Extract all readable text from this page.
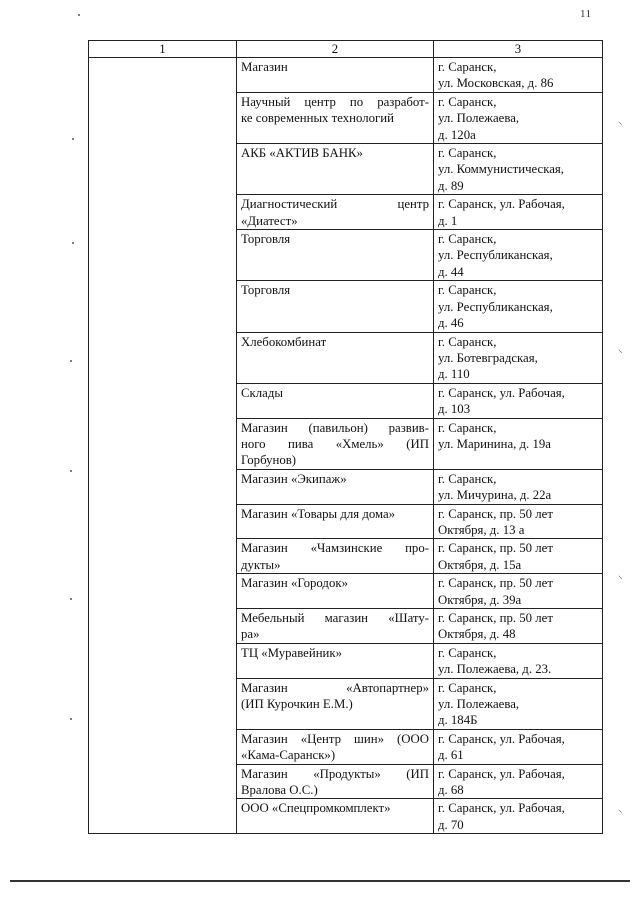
11
1	2	3

	Магазин	г. Саранск,
ул. Московская, д. 86

	Научный центр по разработ-
ке современных технологий	г. Саранск,
ул. Полежаева,
д. 120а

	АКБ «АКТИВ БАНК»	г. Саранск,
ул. Коммунистическая,
д. 89

	Диагностический центр
«Диатест»	г. Саранск, ул. Рабочая,
д. 1

	Торговля	г. Саранск,
ул. Республиканская,
д. 44

	Торговля	г. Саранск,
ул. Республиканская,
д. 46

	Хлебокомбинат	г. Саранск,
ул. Ботевградская,
д. 110

	Склады	г. Саранск, ул. Рабочая,
д. 103

	Магазин (павильон) развив-
ного пива «Хмель» (ИП
Горбунов)	г. Саранск,
ул. Маринина, д. 19а

	Магазин «Экипаж»	г. Саранск,
ул. Мичурина, д. 22а

	Магазин «Товары для дома»	г. Саранск, пр. 50 лет
Октября, д. 13 а

	Магазин «Чамзинские про-
дукты»	г. Саранск, пр. 50 лет
Октября, д. 15а

	Магазин «Городок»	г. Саранск, пр. 50 лет
Октября, д. 39а

	Мебельный магазин «Шату-
ра»	г. Саранск, пр. 50 лет
Октября, д. 48

	ТЦ «Муравейник»	г. Саранск,
ул. Полежаева, д. 23.

	Магазин «Автопартнер»
(ИП Курочкин Е.М.)	г. Саранск,
ул. Полежаева,
д. 184Б

	Магазин «Центр шин» (ООО
«Кама-Саранск»)	г. Саранск, ул. Рабочая,
д. 61

	Магазин «Продукты» (ИП
Вралова О.С.)	г. Саранск, ул. Рабочая,
д. 68

	ООО «Спецпромкомплект»	г. Саранск, ул. Рабочая,
д. 70
⸌
⸌
⸌
⸌
